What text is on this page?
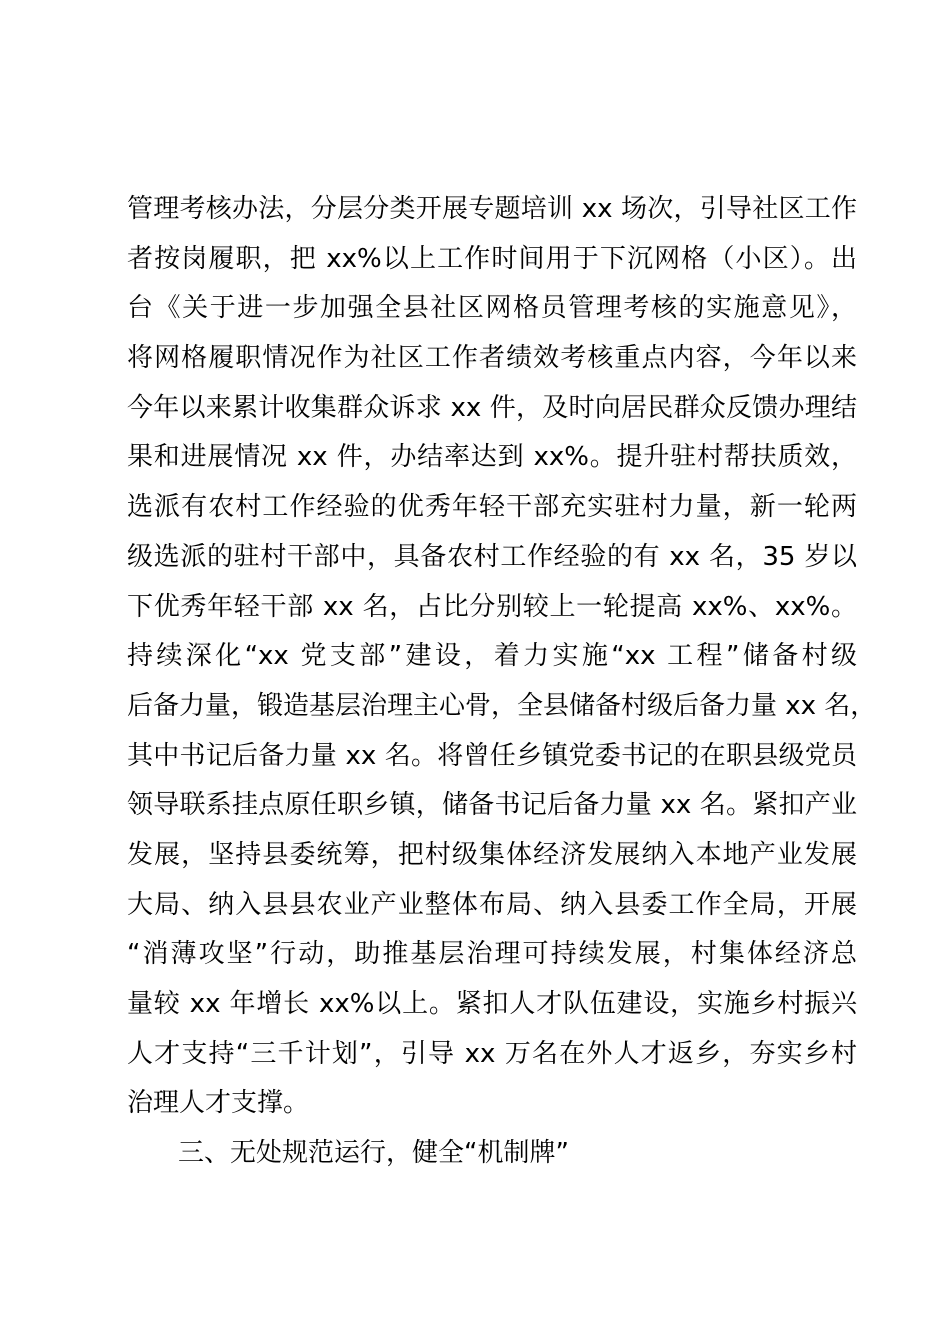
管理考核办法，分层分类开展专题培训 xx 场次，引导社区工作
者按岗履职，把 xx%以上工作时间用于下沉网格（小区）。出
台《关于进一步加强全县社区网格员管理考核的实施意见》，
将网格履职情况作为社区工作者绩效考核重点内容，今年以来
今年以来累计收集群众诉求 xx 件，及时向居民群众反馈办理结
果和进展情况 xx 件，办结率达到 xx%。提升驻村帮扶质效，
选派有农村工作经验的优秀年轻干部充实驻村力量，新一轮两
级选派的驻村干部中，具备农村工作经验的有 xx 名，35 岁以
下优秀年轻干部 xx 名，占比分别较上一轮提高 xx%、xx%。
持续深化“xx 党支部”建设，着力实施“xx 工程”储备村级
后备力量，锻造基层治理主心骨，全县储备村级后备力量 xx 名，
其中书记后备力量 xx 名。将曾任乡镇党委书记的在职县级党员
领导联系挂点原任职乡镇，储备书记后备力量 xx 名。紧扣产业
发展，坚持县委统筹，把村级集体经济发展纳入本地产业发展
大局、纳入县县农业产业整体布局、纳入县委工作全局，开展
“消薄攻坚”行动，助推基层治理可持续发展，村集体经济总
量较 xx 年增长 xx%以上。紧扣人才队伍建设，实施乡村振兴
人才支持“三千计划”，引导 xx 万名在外人才返乡，夯实乡村
治理人才支撑。
三、无处规范运行，健全“机制牌”
